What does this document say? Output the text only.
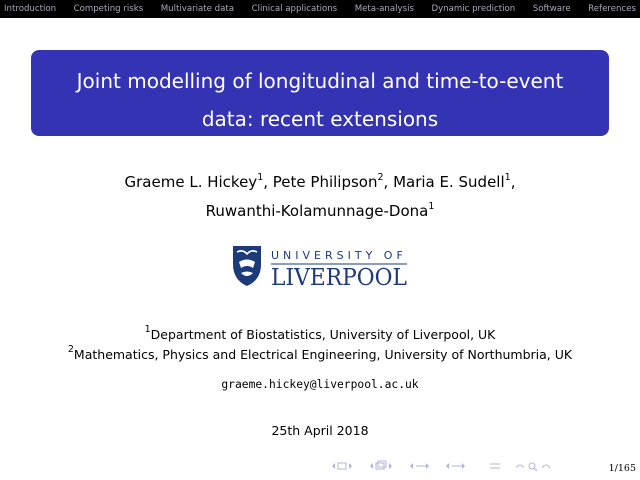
Introduction Competing risks Multivariate data Clinical applications Meta-analysis Dynamic prediction Software References
Joint modelling of longitudinal and time-to-event
data: recent extensions
Graeme L. Hickey$^1$, Pete Philipson$^2$, Maria E. Sudell$^1$,
Ruwanthi-Kolamunnage-Dona$^1$
UNIVERSITY OF
LIVERPOOL
$^1$Department of Biostatistics, University of Liverpool, UK
$^2$Mathematics, Physics and Electrical Engineering, University of Northumbria, UK
graeme.hickey@liverpool.ac.uk
25th April 2018
1/165
